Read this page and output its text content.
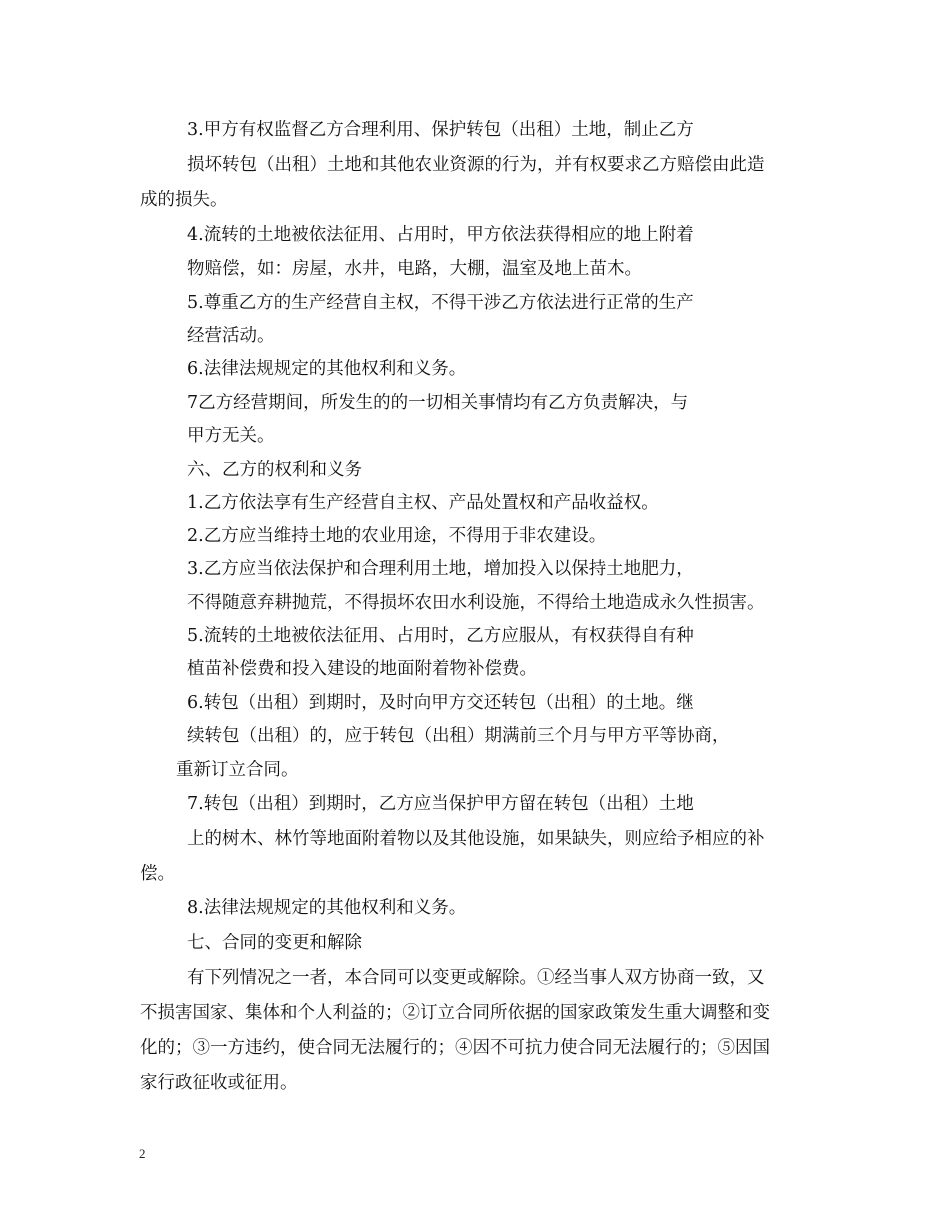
3.甲方有权监督乙方合理利用、保护转包（出租）土地，制止乙方
损坏转包（出租）土地和其他农业资源的行为，并有权要求乙方赔偿由此造
成的损失。
4.流转的土地被依法征用、占用时，甲方依法获得相应的地上附着
物赔偿，如：房屋，水井，电路，大棚，温室及地上苗木。
5.尊重乙方的生产经营自主权，不得干涉乙方依法进行正常的生产
经营活动。
6.法律法规规定的其他权利和义务。
7乙方经营期间，所发生的的一切相关事情均有乙方负责解决，与
甲方无关。
六、乙方的权利和义务
1.乙方依法享有生产经营自主权、产品处置权和产品收益权。
2.乙方应当维持土地的农业用途，不得用于非农建设。
3.乙方应当依法保护和合理利用土地，增加投入以保持土地肥力，
不得随意弃耕抛荒，不得损坏农田水利设施，不得给土地造成永久性损害。
5.流转的土地被依法征用、占用时，乙方应服从，有权获得自有种
植苗补偿费和投入建设的地面附着物补偿费。
6.转包（出租）到期时，及时向甲方交还转包（出租）的土地。继
续转包（出租）的，应于转包（出租）期满前三个月与甲方平等协商，
重新订立合同。
7.转包（出租）到期时，乙方应当保护甲方留在转包（出租）土地
上的树木、林竹等地面附着物以及其他设施，如果缺失，则应给予相应的补
偿。
8.法律法规规定的其他权利和义务。
七、合同的变更和解除
有下列情况之一者，本合同可以变更或解除。①经当事人双方协商一致，又
不损害国家、集体和个人利益的；②订立合同所依据的国家政策发生重大调整和变
化的；③一方违约，使合同无法履行的；④因不可抗力使合同无法履行的；⑤因国
家行政征收或征用。
2
